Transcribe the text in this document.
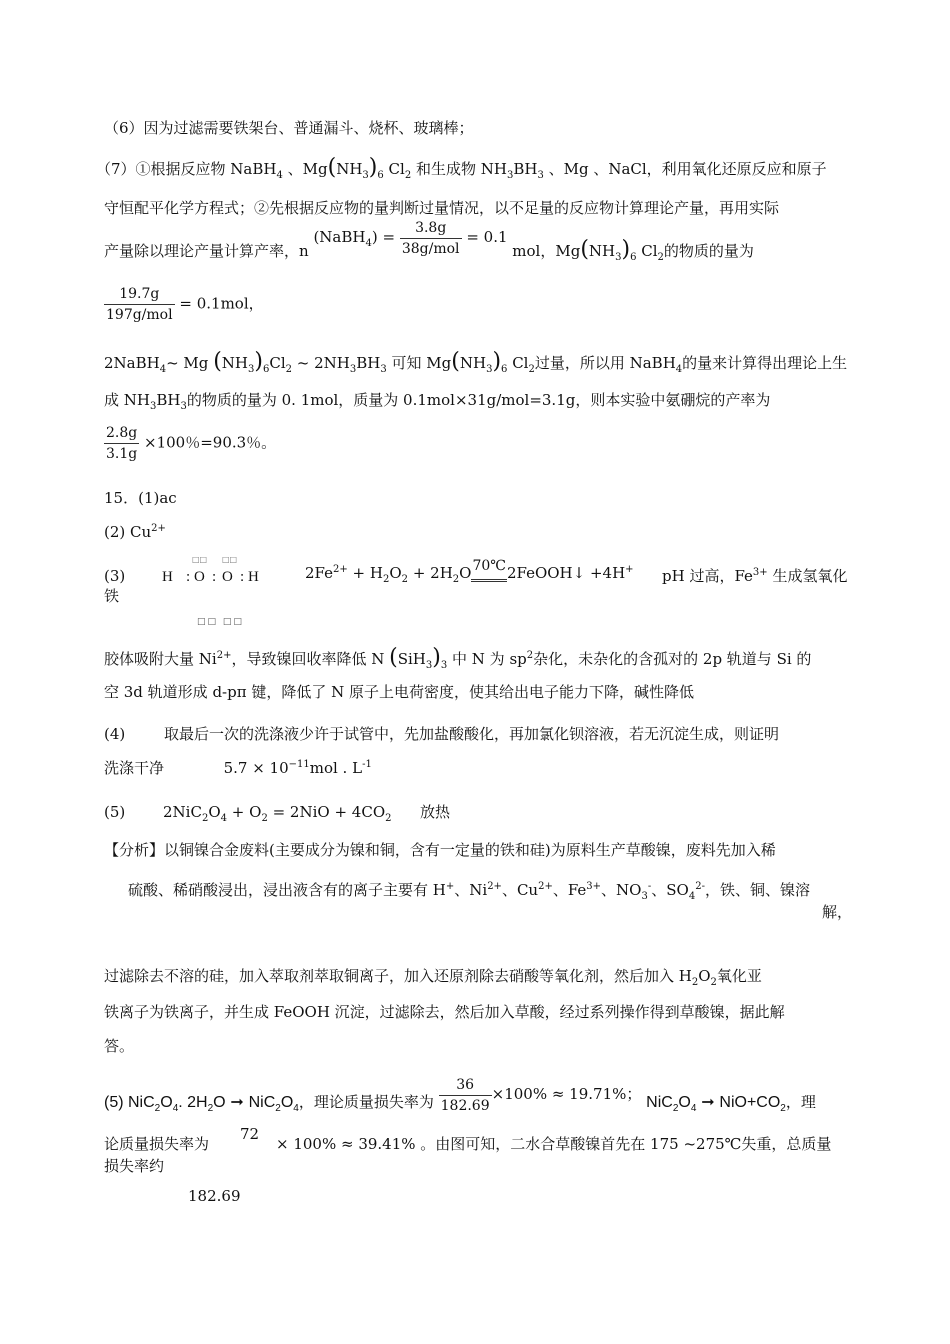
（6）因为过滤需要铁架台、普通漏斗、烧杯、玻璃棒；
（7）①根据反应物 NaBH$_4$ 、$Mg(NH_3)_6$ $Cl_2$ 和生成物 $NH_3BH_3$ 、Mg 、NaCl，利用氧化还原反应和原子
守恒配平化学方程式；②先根据反应物的量判断过量情况，以不足量的反应物计算理论产量，再用实际
产量除以理论产量计算产率，n (NaBH$_4$) = $\frac{3.8g}{\text{38g/mol}} = 0.1$ mol，$Mg(NH_3)_6$ $Cl_2$的物质的量为
$\frac{19.7g}{\text{197g/mol}} = 0.1mol$，
2NaBH$_4$~ Mg $(NH_3)_6Cl_2$ ~ $2NH_3BH_3$ 可知 $Mg(NH_3)_6$ $Cl_2$过量，所以用 NaBH$_4$的量来计算得出理论上生
成 $NH_3BH_3$的物质的量为 0. 1mol，质量为 0.1mol×31g/mol=3.1g，则本实验中氨硼烷的产率为
$\frac{2.8g}{3.1g} \times 100$％=90.3％。
15．(1)ac
(2) $Cu^{2+}$
(3)
铁
H : O : O : H
□□ □□
□□ □□
$2Fe^{2+} + H_2O_2 + 2H_2O$ 70℃ 2FeOOH↓ +4H+ pH 过高，$Fe^{3+}$ 生成氢氧化
胶体吸附大量 $Ni^{2+}$，导致镍回收率降低 N $(SiH_3)_3$ 中 N 为 $sp^2$杂化，未杂化的含孤对的 2p 轨道与 Si 的
空 3d 轨道形成 d-pπ 键，降低了 N 原子上电荷密度，使其给出电子能力下降，碱性降低
(4)	取最后一次的洗涤液少许于试管中，先加盐酸酸化，再加氯化钡溶液，若无沉淀生成，则证明
洗涤干净	$5.7 \times 10^{-11}mol$ . $L^{-1}$
(5)	$2NiC_2O_4 + O_2 = 2NiO + 4CO_2$ 放热
【分析】以铜镍合金废料(主要成分为镍和铜，含有一定量的铁和硅)为原料生产草酸镍，废料先加入稀
硫酸、稀硝酸浸出，浸出液含有的离子主要有 H+、$Ni^{2+}$、$Cu^{2+}$、$Fe^{3+}$、$NO_3^-$、$SO_4^{2-}$，铁、铜、镍溶
解，
过滤除去不溶的硅，加入萃取剂萃取铜离子，加入还原剂除去硝酸等氧化剂，然后加入 $H_2O_2$氧化亚
铁离子为铁离子，并生成 FeOOH 沉淀，过滤除去，然后加入草酸，经过系列操作得到草酸镍，据此解
答。
(5) $NiC_2O_4$. $2H_2O$ ➞ $NiC_2O_4$，理论质量损失率为 $\frac{36}{182.69} \times 100\% \approx 19.71\%$； $NiC_2O_4$ ➞ $NiO+CO_2$，理
论质量损失率为
72
× 100% ≈ 39.41% 。由图可知，二水合草酸镍首先在 175 ~275℃失重，总质量
损失率约
182.69
